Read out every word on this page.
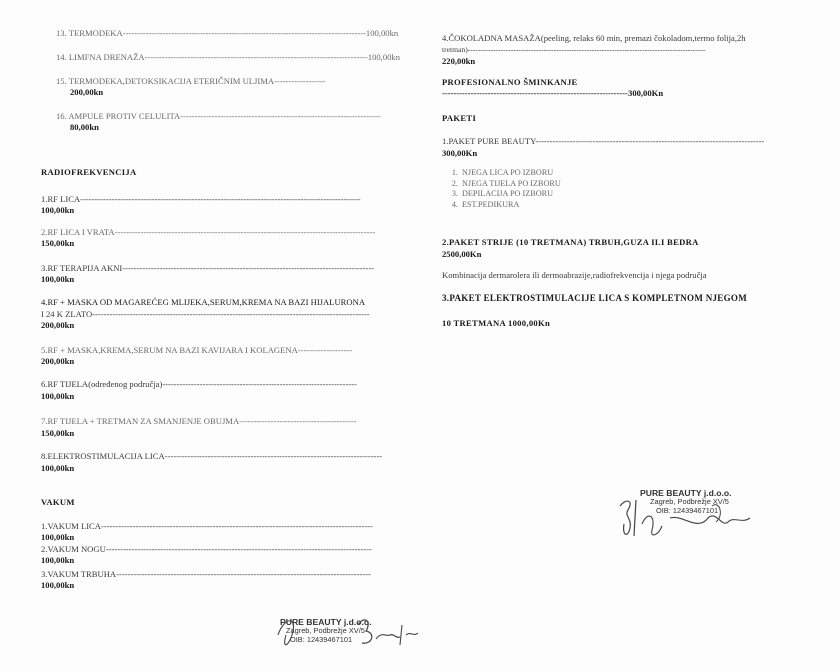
13. TERMODEKA-------------------------------------------------------------------------------------100,00kn
14. LIMFNA DRENAŽA------------------------------------------------------------------------------100,00kn
15. TERMODEKA,DETOKSIKACIJA ETERIČNIM ULJIMA------------------
200,00kn
16. AMPULE PROTIV CELULITA----------------------------------------------------------------------
80,00kn
RADIOFREKVENCIJA
1.RF LICA--------------------------------------------------------------------------------------------------
100,00kn
2.RF LICA I VRATA-------------------------------------------------------------------------------------------
150,00kn
3.RF TERAPIJA AKNI----------------------------------------------------------------------------------------
100,00kn
4.RF + MASKA OD MAGAREĆEG MLIJEKA,SERUM,KREMA NA BAZI HIJALURONA
I 24 K ZLATO-------------------------------------------------------------------------------------------------
200,00kn
5.RF + MASKA,KREMA,SERUM NA BAZI KAVIJARA I KOLAGENA-------------------
200,00kn
6.RF TIJELA(određenog područja)--------------------------------------------------------------------
100,00kn
7.RF TIJELA + TRETMAN ZA SMANJENJE OBUJMA-----------------------------------------
150,00kn
8.ELEKTROSTIMULACIJA LICA----------------------------------------------------------------------------
100,00kn
VAKUM
1.VAKUM LICA-----------------------------------------------------------------------------------------------
100,00kn
2.VAKUM NOGU---------------------------------------------------------------------------------------------
100,00kn
3.VAKUM TRBUHA-----------------------------------------------------------------------------------------
100,00kn
4.ČOKOLADNA MASAŽA(peeling, relaks 60 min, premazi čokoladom,termo folija,2h
tretman)----------------------------------------------------------------------------------------------
220,00kn
PROFESIONALNO ŠMINKANJE
-----------------------------------------------------------------300,00Kn
PAKETI
1.PAKET PURE BEAUTY--------------------------------------------------------------------------------
300,00Kn
1. NJEGA LICA PO IZBORU
2. NJEGA TIJELA PO IZBORU
3. DEPILACIJA PO IZBORU
4. EST.PEDIKURA
2.PAKET STRIJE (10 TRETMANA) TRBUH,GUZA ILI BEDRA
2500,00Kn
Kombinacija dermarolera ili dermoabrazije,radiofrekvencija i njega područja
3.PAKET ELEKTROSTIMULACIJE LICA S KOMPLETNOM NJEGOM
10 TRETMANA 1000,00Kn
PURE BEAUTY j.d.o.o.
Zagreb, Podbrežje XV/5
OIB: 12439467101
PURE BEAUTY j.d.o.o.
Zagreb, Podbrežje XV/5
OIB: 12439467101
